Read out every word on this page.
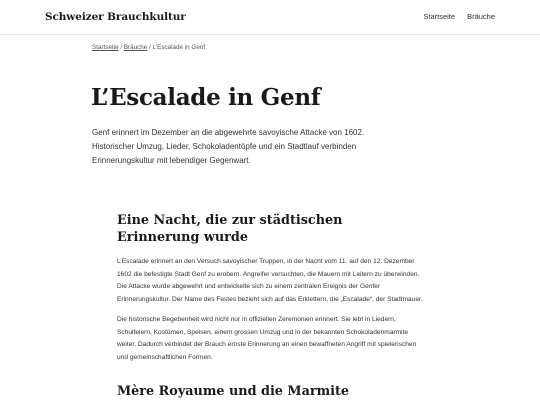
Schweizer Brauchkultur	Startseite Bräuche
Startseite / Bräuche / L’Escalade in Genf
L’Escalade in Genf

Genf erinnert im Dezember an die abgewehrte savoyische Attacke von 1602. Historischer Umzug, Lieder, Schokoladentöpfe und ein Stadtlauf verbinden Erinnerungskultur mit lebendiger Gegenwart.

Eine Nacht, die zur städtischen Erinnerung wurde

L’Escalade erinnert an den Versuch savoyischer Truppen, in der Nacht vom 11. auf den 12. Dezember 1602 die befestigte Stadt Genf zu erobern. Angreifer versuchten, die Mauern mit Leitern zu überwinden. Die Attacke wurde abgewehrt und entwickelte sich zu einem zentralen Ereignis der Genfer Erinnerungskultur. Der Name des Festes bezieht sich auf das Erklettern, die „Escalade“, der Stadtmauer.

Die historische Begebenheit wird nicht nur in offiziellen Zeremonien erinnert. Sie lebt in Liedern, Schulfeiern, Kostümen, Speisen, einem grossen Umzug und in der bekannten Schokoladenmarmite weiter. Dadurch verbindet der Brauch ernste Erinnerung an einen bewaffneten Angriff mit spielerischen und gemeinschaftlichen Formen.

Mère Royaume und die Marmite
